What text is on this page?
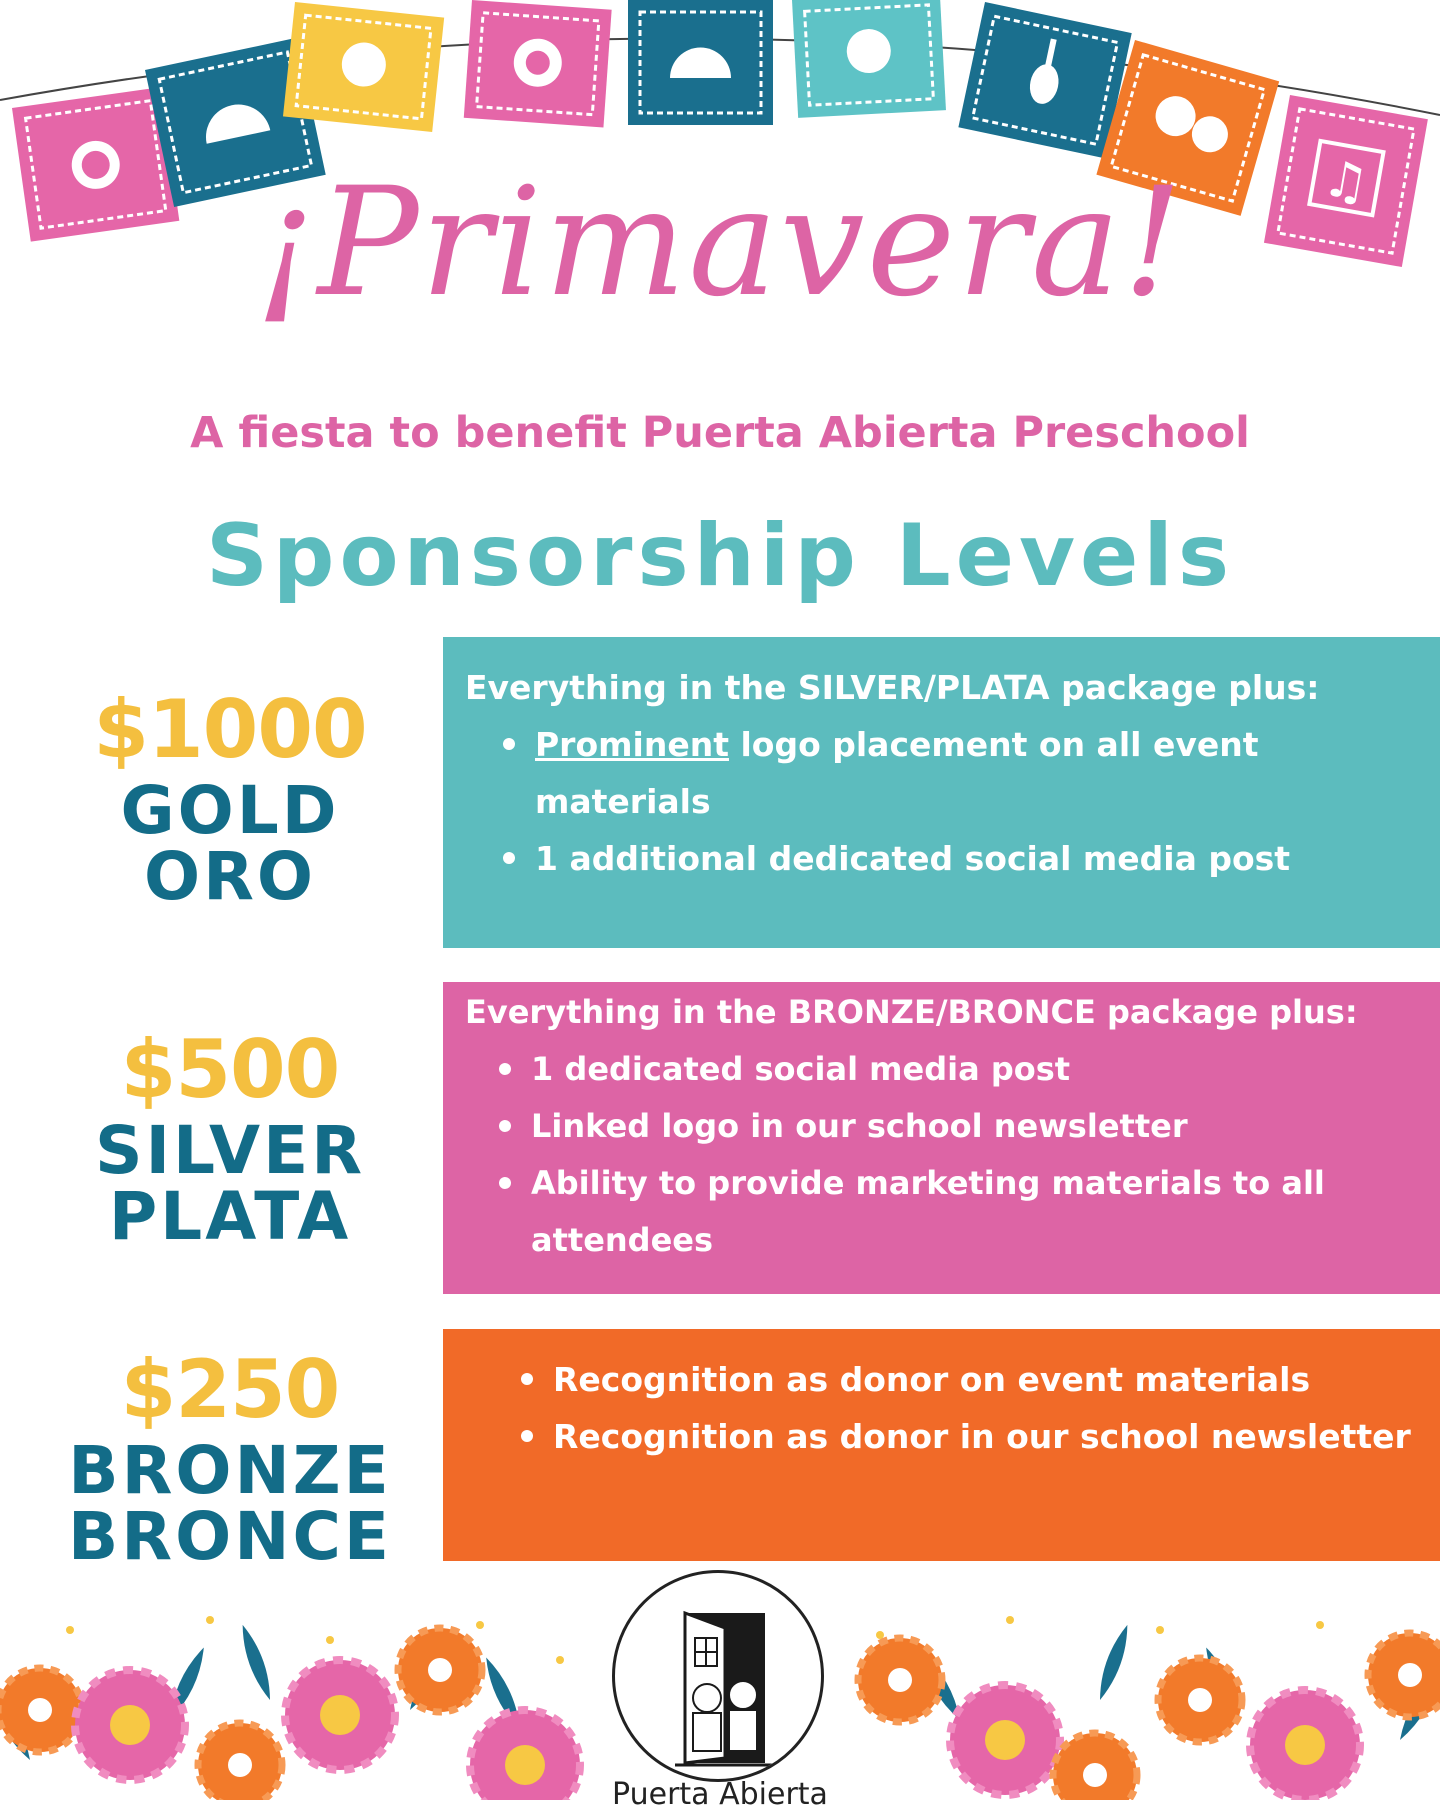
♫
¡Primavera!
A fiesta to benefit Puerta Abierta Preschool
Sponsorship Levels
$1000
GOLD
ORO
Everything in the SILVER/PLATA package plus:
Prominent logo placement on all event materials
1 additional dedicated social media post
$500
SILVER
PLATA
Everything in the BRONZE/BRONCE package plus:
1 dedicated social media post
Linked logo in our school newsletter
Ability to provide marketing materials to all attendees
$250
BRONZE
BRONCE
Recognition as donor on event materials
Recognition as donor in our school newsletter
Puerta Abierta
